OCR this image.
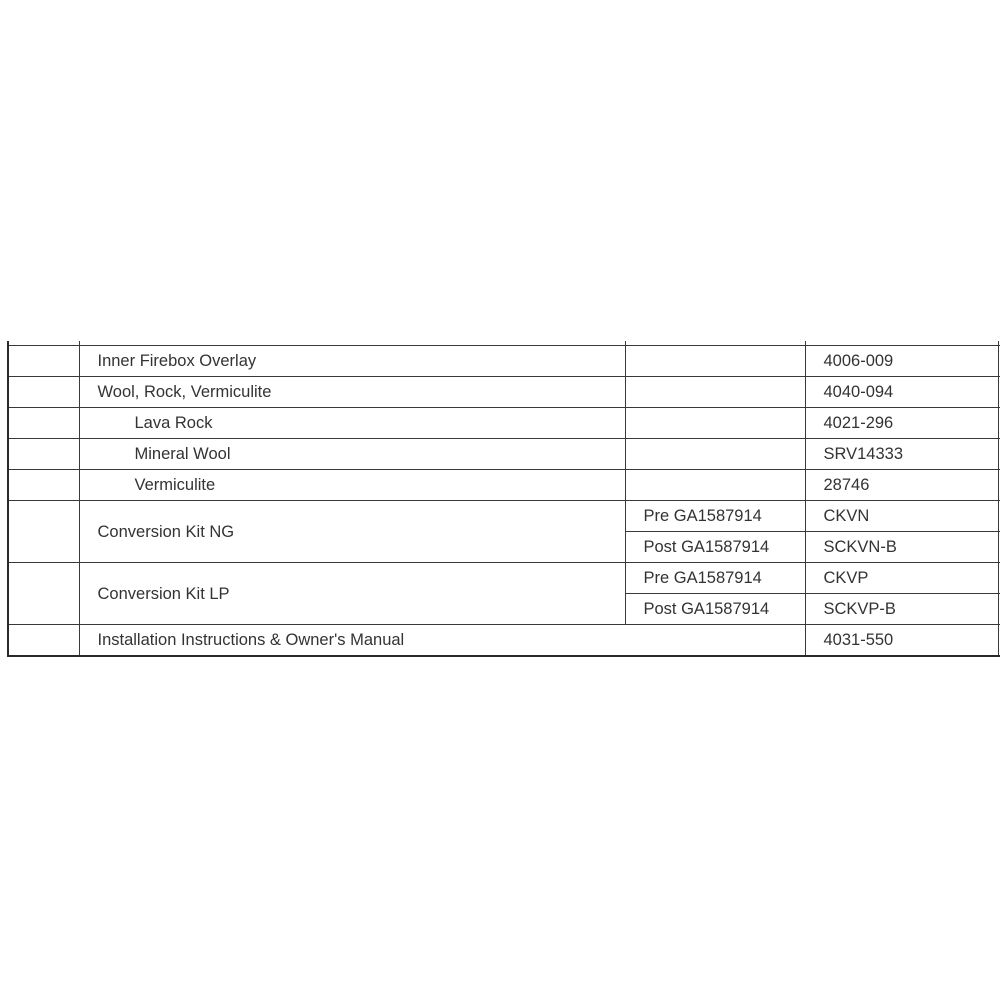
	Inner Firebox Overlay		4006-009	
	Wool, Rock, Vermiculite		4040-094	
	Lava Rock		4021-296	
	Mineral Wool		SRV14333	
	Vermiculite		28746	
	Conversion Kit NG	Pre GA1587914	CKVN	
		Post GA1587914	SCKVN-B	
	Conversion Kit LP	Pre GA1587914	CKVP	
		Post GA1587914	SCKVP-B	
	Installation Instructions & Owner's Manual		4031-550	
